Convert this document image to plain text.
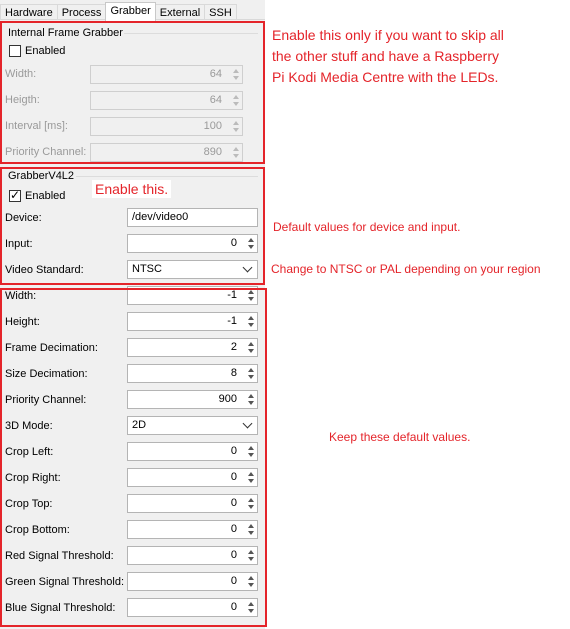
Hardware Process Grabber External SSH
Internal Frame Grabber
Enabled
Width:	64
Heigth:	64
Interval [ms]:	100
Priority Channel:	890
GrabberV4L2
✓ Enabled
Device:	/dev/video0
Input:	0
Video Standard:	NTSC
Width:	-1
Height:	-1
Frame Decimation:	2
Size Decimation:	8
Priority Channel:	900
3D Mode:	2D
Crop Left:	0
Crop Right:	0
Crop Top:	0
Crop Bottom:	0
Red Signal Threshold:	0
Green Signal Threshold:	0
Blue Signal Threshold:	0
Enable this only if you want to skip all
the other stuff and have a Raspberry
Pi Kodi Media Centre with the LEDs.
Enable this.
Default values for device and input.
Change to NTSC or PAL depending on your region
Keep these default values.
